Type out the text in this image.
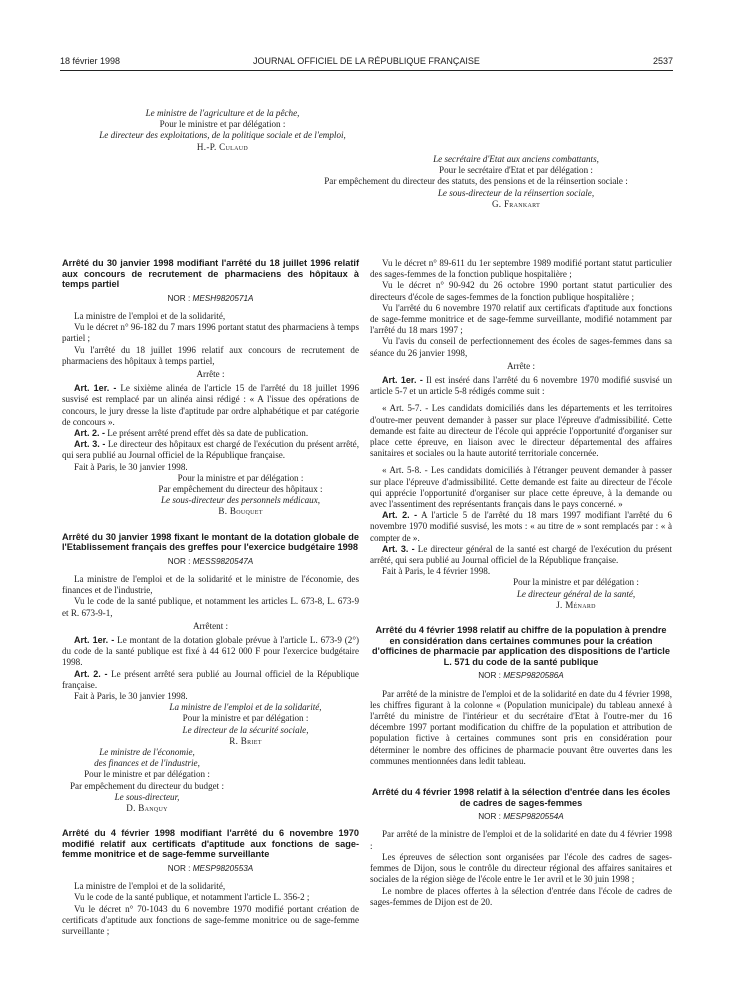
18 février 1998	JOURNAL OFFICIEL DE LA RÉPUBLIQUE FRANÇAISE	2537
Le ministre de l'agriculture et de la pêche,
Pour le ministre et par délégation :
Le directeur des exploitations, de la politique sociale et de l'emploi,
H.-P. Culaud
Le secrétaire d'Etat aux anciens combattants,
Pour le secrétaire d'Etat et par délégation :
Par empêchement du directeur des statuts, des pensions et de la réinsertion sociale :
Le sous-directeur de la réinsertion sociale,
G. Frankart
Arrêté du 30 janvier 1998 modifiant l'arrêté du 18 juillet 1996 relatif aux concours de recrutement de pharmaciens des hôpitaux à temps partiel
NOR : MESH9820571A

La ministre de l'emploi et de la solidarité,

Vu le décret n° 96-182 du 7 mars 1996 portant statut des pharmaciens à temps partiel ;

Vu l'arrêté du 18 juillet 1996 relatif aux concours de recrutement de pharmaciens des hôpitaux à temps partiel,

Arrête :

Art. 1er. - Le sixième alinéa de l'article 15 de l'arrêté du 18 juillet 1996 susvisé est remplacé par un alinéa ainsi rédigé : « A l'issue des opérations de concours, le jury dresse la liste d'aptitude par ordre alphabétique et par catégorie de concours ».

Art. 2. - Le présent arrêté prend effet dès sa date de publication.

Art. 3. - Le directeur des hôpitaux est chargé de l'exécution du présent arrêté, qui sera publié au Journal officiel de la République française.

Fait à Paris, le 30 janvier 1998.

Pour la ministre et par délégation :
Par empêchement du directeur des hôpitaux :
Le sous-directeur des personnels médicaux,
B. Bouquet
Arrêté du 30 janvier 1998 fixant le montant de la dotation globale de l'Etablissement français des greffes pour l'exercice budgétaire 1998
NOR : MESS9820547A

La ministre de l'emploi et de la solidarité et le ministre de l'économie, des finances et de l'industrie,

Vu le code de la santé publique, et notamment les articles L. 673-8, L. 673-9 et R. 673-9-1,

Arrêtent :

Art. 1er. - Le montant de la dotation globale prévue à l'article L. 673-9 (2°) du code de la santé publique est fixé à 44 612 000 F pour l'exercice budgétaire 1998.

Art. 2. - Le présent arrêté sera publié au Journal officiel de la République française.

Fait à Paris, le 30 janvier 1998.

La ministre de l'emploi et de la solidarité,
Pour la ministre et par délégation :
Le directeur de la sécurité sociale,
R. Briet
Le ministre de l'économie,
des finances et de l'industrie,
Pour le ministre et par délégation :
Par empêchement du directeur du budget :
Le sous-directeur,
D. Banquy
Arrêté du 4 février 1998 modifiant l'arrêté du 6 novembre 1970 modifié relatif aux certificats d'aptitude aux fonctions de sage-femme monitrice et de sage-femme surveillante
NOR : MESP9820553A

La ministre de l'emploi et de la solidarité,

Vu le code de la santé publique, et notamment l'article L. 356-2 ;

Vu le décret n° 70-1043 du 6 novembre 1970 modifié portant création de certificats d'aptitude aux fonctions de sage-femme monitrice ou de sage-femme surveillante ;

Vu le décret n° 89-611 du 1er septembre 1989 modifié portant statut particulier des sages-femmes de la fonction publique hospitalière ;

Vu le décret n° 90-942 du 26 octobre 1990 portant statut particulier des directeurs d'école de sages-femmes de la fonction publique hospitalière ;

Vu l'arrêté du 6 novembre 1970 relatif aux certificats d'aptitude aux fonctions de sage-femme monitrice et de sage-femme surveillante, modifié notamment par l'arrêté du 18 mars 1997 ;

Vu l'avis du conseil de perfectionnement des écoles de sages-femmes dans sa séance du 26 janvier 1998,

Arrête :

Art. 1er. - Il est inséré dans l'arrêté du 6 novembre 1970 modifié susvisé un article 5-7 et un article 5-8 rédigés comme suit :

« Art. 5-7. - Les candidats domiciliés dans les départements et les territoires d'outre-mer peuvent demander à passer sur place l'épreuve d'admissibilité. Cette demande est faite au directeur de l'école qui apprécie l'opportunité d'organiser sur place cette épreuve, en liaison avec le directeur départemental des affaires sanitaires et sociales ou la haute autorité territoriale concernée.

« Art. 5-8. - Les candidats domiciliés à l'étranger peuvent demander à passer sur place l'épreuve d'admissibilité. Cette demande est faite au directeur de l'école qui apprécie l'opportunité d'organiser sur place cette épreuve, à la demande ou avec l'assentiment des représentants français dans le pays concerné. »

Art. 2. - A l'article 5 de l'arrêté du 18 mars 1997 modifiant l'arrêté du 6 novembre 1970 modifié susvisé, les mots : « au titre de » sont remplacés par : « à compter de ».

Art. 3. - Le directeur général de la santé est chargé de l'exécution du présent arrêté, qui sera publié au Journal officiel de la République française.

Fait à Paris, le 4 février 1998.

Pour la ministre et par délégation :
Le directeur général de la santé,
J. Ménard
Arrêté du 4 février 1998 relatif au chiffre de la population à prendre en considération dans certaines communes pour la création d'officines de pharmacie par application des dispositions de l'article L. 571 du code de la santé publique
NOR : MESP9820586A

Par arrêté de la ministre de l'emploi et de la solidarité en date du 4 février 1998, les chiffres figurant à la colonne « (Population municipale) du tableau annexé à l'arrêté du ministre de l'intérieur et du secrétaire d'Etat à l'outre-mer du 16 décembre 1997 portant modification du chiffre de la population et attribution de population fictive à certaines communes sont pris en considération pour déterminer le nombre des officines de pharmacie pouvant être ouvertes dans les communes mentionnées dans ledit tableau.

Arrêté du 4 février 1998 relatif à la sélection d'entrée dans les écoles de cadres de sages-femmes
NOR : MESP9820554A

Par arrêté de la ministre de l'emploi et de la solidarité en date du 4 février 1998 :

Les épreuves de sélection sont organisées par l'école des cadres de sages-femmes de Dijon, sous le contrôle du directeur régional des affaires sanitaires et sociales de la région siège de l'école entre le 1er avril et le 30 juin 1998 ;

Le nombre de places offertes à la sélection d'entrée dans l'école de cadres de sages-femmes de Dijon est de 20.
